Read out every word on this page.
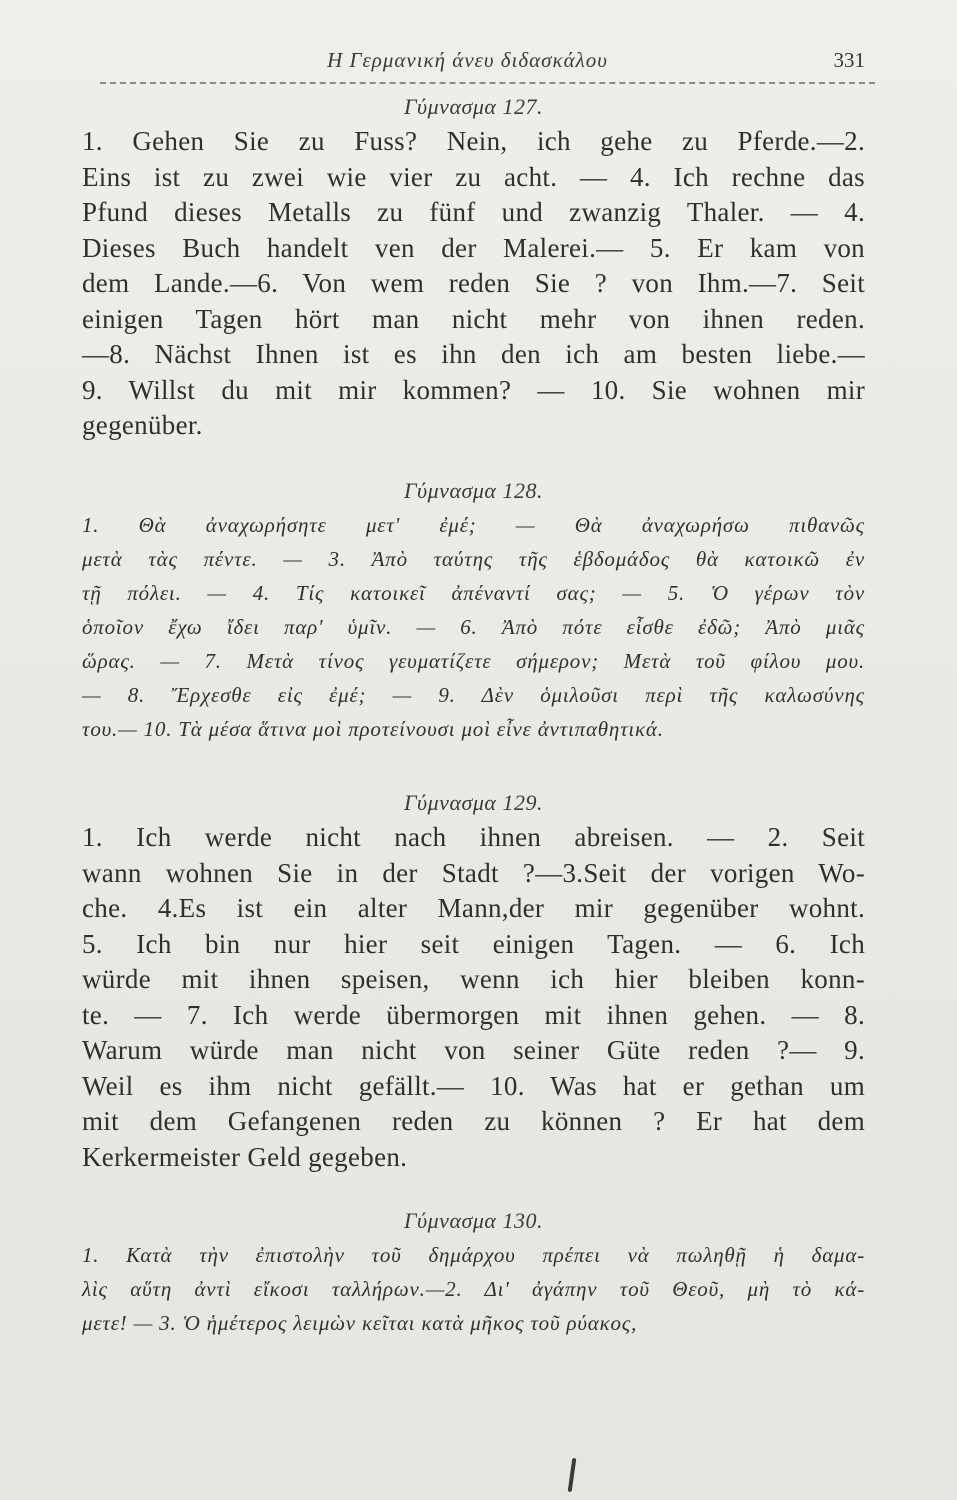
Η Γερμανική άνευ διδασκάλου	331
Γύμνασμα 127.

1. Gehen Sie zu Fuss? Nein, ich gehe zu Pferde.—2.

Eins ist zu zwei wie vier zu acht. — 4. Ich rechne das

Pfund dieses Metalls zu fünf und zwanzig Thaler. — 4.

Dieses Buch handelt ven der Malerei.— 5. Er kam von

dem Lande.—6. Von wem reden Sie ? von Ihm.—7. Seit

einigen Tagen hört man nicht mehr von ihnen reden.

—8. Nächst Ihnen ist es ihn den ich am besten liebe.—

9. Willst du mit mir kommen? — 10. Sie wohnen mir

gegenüber.

Γύμνασμα 128.

1. Θὰ ἀναχωρήσητε μετ' ἐμέ; — Θὰ ἀναχωρήσω πιθανῶς

μετὰ τὰς πέντε. — 3. Ἀπὸ ταύτης τῆς ἑβδομάδος θὰ κατοικῶ ἐν

τῇ πόλει. — 4. Τίς κατοικεῖ ἀπέναντί σας; — 5. Ὁ γέρων τὸν

ὁποῖον ἔχω ἴδει παρ' ὑμῖν. — 6. Ἀπὸ πότε εἶσθε ἐδῶ; Ἀπὸ μιᾶς

ὥρας. — 7. Μετὰ τίνος γευματίζετε σήμερον; Μετὰ τοῦ φίλου μου.

— 8. Ἔρχεσθε εἰς ἐμέ; — 9. Δὲν ὁμιλοῦσι περὶ τῆς καλωσύνης

του.— 10. Τὰ μέσα ἅτινα μοὶ προτείνουσι μοὶ εἶνε ἀντιπαθητικά.

Γύμνασμα 129.

1. Ich werde nicht nach ihnen abreisen. — 2. Seit

wann wohnen Sie in der Stadt ?—3.Seit der vorigen Wo-

che. 4.Es ist ein alter Mann,der mir gegenüber wohnt.

5. Ich bin nur hier seit einigen Tagen. — 6. Ich

würde mit ihnen speisen, wenn ich hier bleiben konn-

te. — 7. Ich werde übermorgen mit ihnen gehen. — 8.

Warum würde man nicht von seiner Güte reden ?— 9.

Weil es ihm nicht gefällt.— 10. Was hat er gethan um

mit dem Gefangenen reden zu können ? Er hat dem

Kerkermeister Geld gegeben.

Γύμνασμα 130.

1. Κατὰ τὴν ἐπιστολὴν τοῦ δημάρχου πρέπει νὰ πωληθῇ ἡ δαμα-

λὶς αὕτη ἀντὶ εἴκοσι ταλλήρων.—2. Δι' ἀγάπην τοῦ Θεοῦ, μὴ τὸ κά-

μετε! — 3. Ὁ ἡμέτερος λειμὼν κεῖται κατὰ μῆκος τοῦ ρύακος,
